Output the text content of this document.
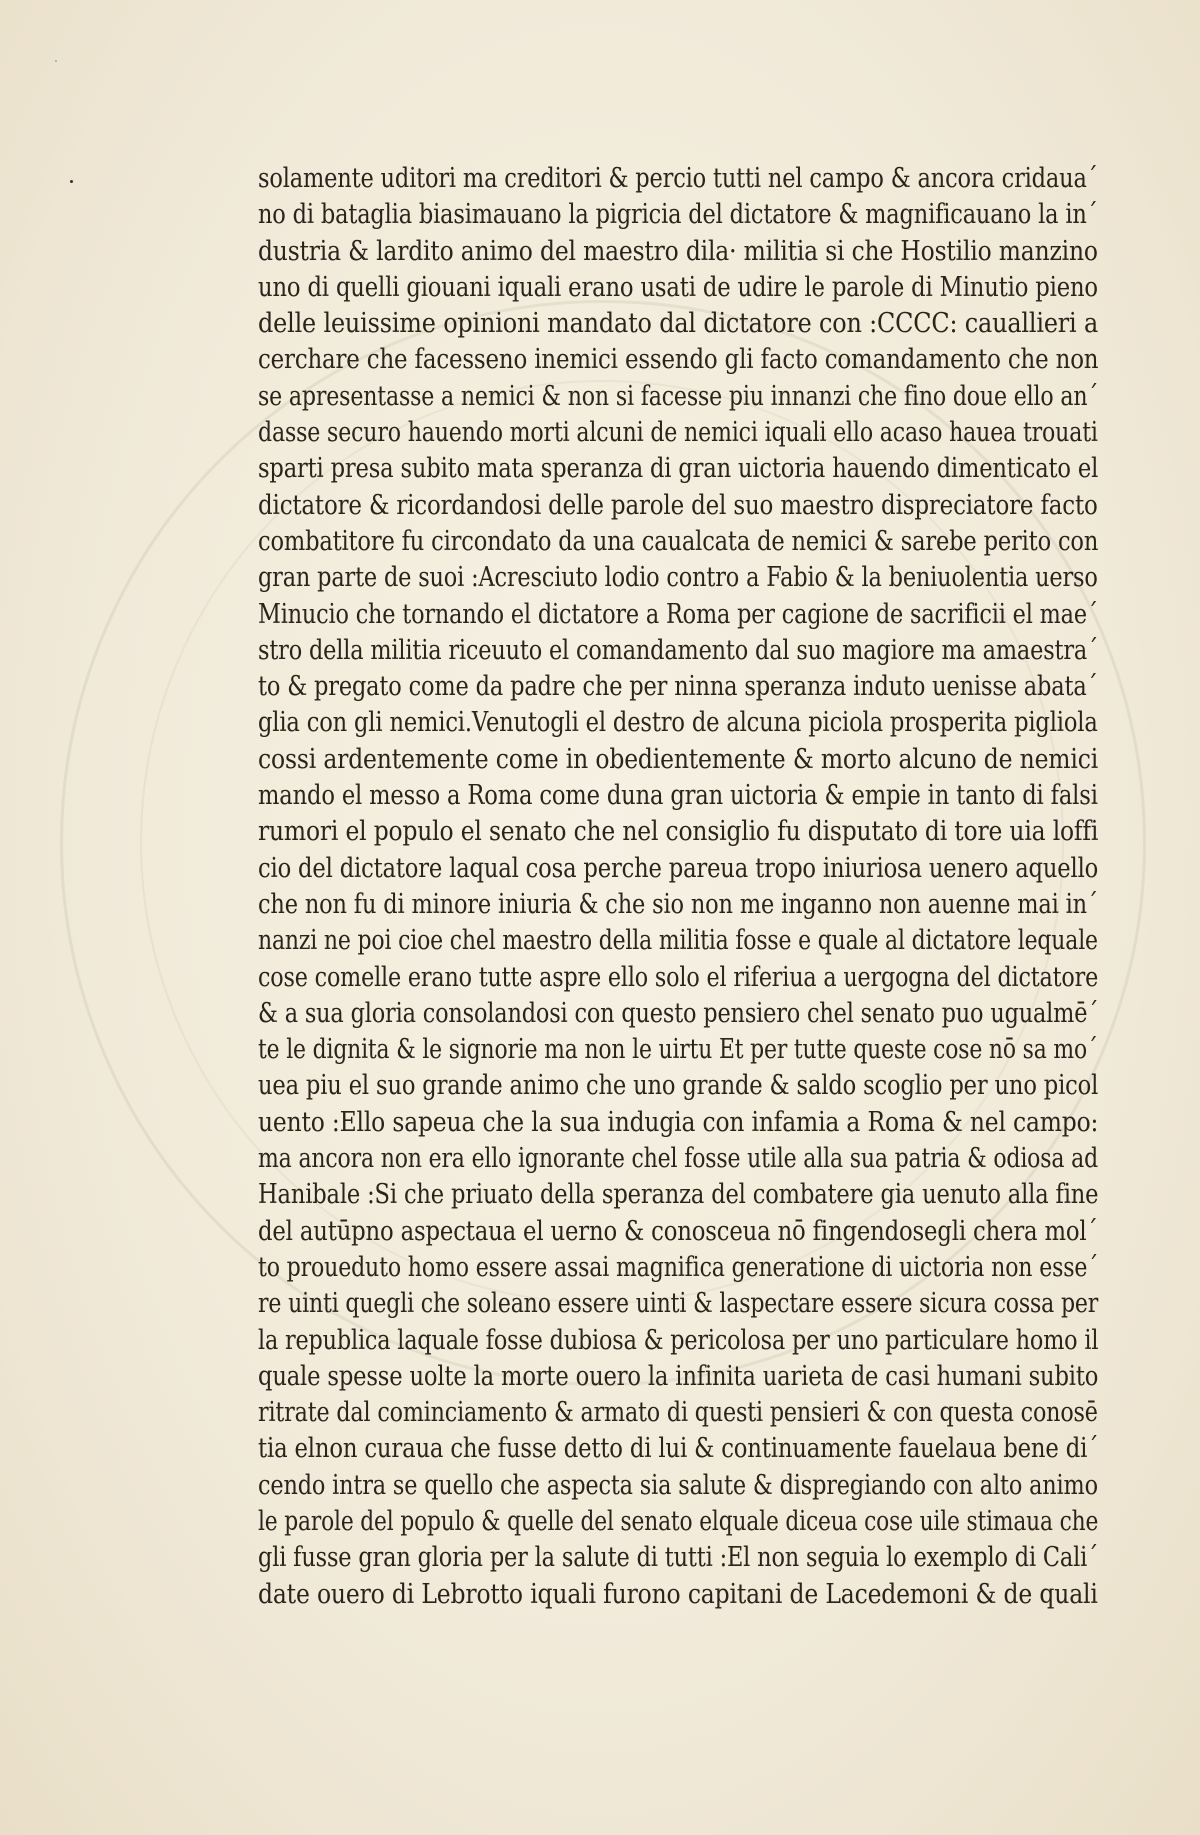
solamente uditori ma creditori & percio tutti nel campo & ancora cridaua´
no di bataglia biasimauano la pigricia del dictatore & magnificauano la in´
dustria & lardito animo del maestro dila· militia si che Hostilio manzino
uno di quelli giouani iquali erano usati de udire le parole di Minutio pieno
delle leuissime opinioni mandato dal dictatore con :CCCC: cauallieri a
cerchare che facesseno inemici essendo gli facto comandamento che non
se apresentasse a nemici & non si facesse piu innanzi che fino doue ello an´
dasse securo hauendo morti alcuni de nemici iquali ello acaso hauea trouati
sparti presa subito mata speranza di gran uictoria hauendo dimenticato el
dictatore & ricordandosi delle parole del suo maestro dispreciatore facto
combatitore fu circondato da una caualcata de nemici & sarebe perito con
gran parte de suoi :Acresciuto lodio contro a Fabio & la beniuolentia uerso
Minucio che tornando el dictatore a Roma per cagione de sacrificii el mae´
stro della militia riceuuto el comandamento dal suo magiore ma amaestra´
to & pregato come da padre che per ninna speranza induto uenisse abata´
glia con gli nemici.Venutogli el destro de alcuna piciola prosperita pigliola
cossi ardentemente come in obedientemente & morto alcuno de nemici
mando el messo a Roma come duna gran uictoria & empie in tanto di falsi
rumori el populo el senato che nel consiglio fu disputato di tore uia loffi
cio del dictatore laqual cosa perche pareua tropo iniuriosa uenero aquello
che non fu di minore iniuria & che sio non me inganno non auenne mai in´
nanzi ne poi cioe chel maestro della militia fosse e quale al dictatore lequale
cose comelle erano tutte aspre ello solo el riferiua a uergogna del dictatore
& a sua gloria consolandosi con questo pensiero chel senato puo ugualmē´
te le dignita & le signorie ma non le uirtu Et per tutte queste cose nō sa mo´
uea piu el suo grande animo che uno grande & saldo scoglio per uno picol
uento :Ello sapeua che la sua indugia con infamia a Roma & nel campo:
ma ancora non era ello ignorante chel fosse utile alla sua patria & odiosa ad
Hanibale :Si che priuato della speranza del combatere gia uenuto alla fine
del autūpno aspectaua el uerno & conosceua nō fingendosegli chera mol´
to proueduto homo essere assai magnifica generatione di uictoria non esse´
re uinti quegli che soleano essere uinti & laspectare essere sicura cossa per
la republica laquale fosse dubiosa & pericolosa per uno particulare homo il
quale spesse uolte la morte ouero la infinita uarieta de casi humani subito
ritrate dal cominciamento & armato di questi pensieri & con questa conosē
tia elnon curaua che fusse detto di lui & continuamente fauelaua bene di´
cendo intra se quello che aspecta sia salute & dispregiando con alto animo
le parole del populo & quelle del senato elquale diceua cose uile stimaua che
gli fusse gran gloria per la salute di tutti :El non seguia lo exemplo di Cali´
date ouero di Lebrotto iquali furono capitani de Lacedemoni & de quali
